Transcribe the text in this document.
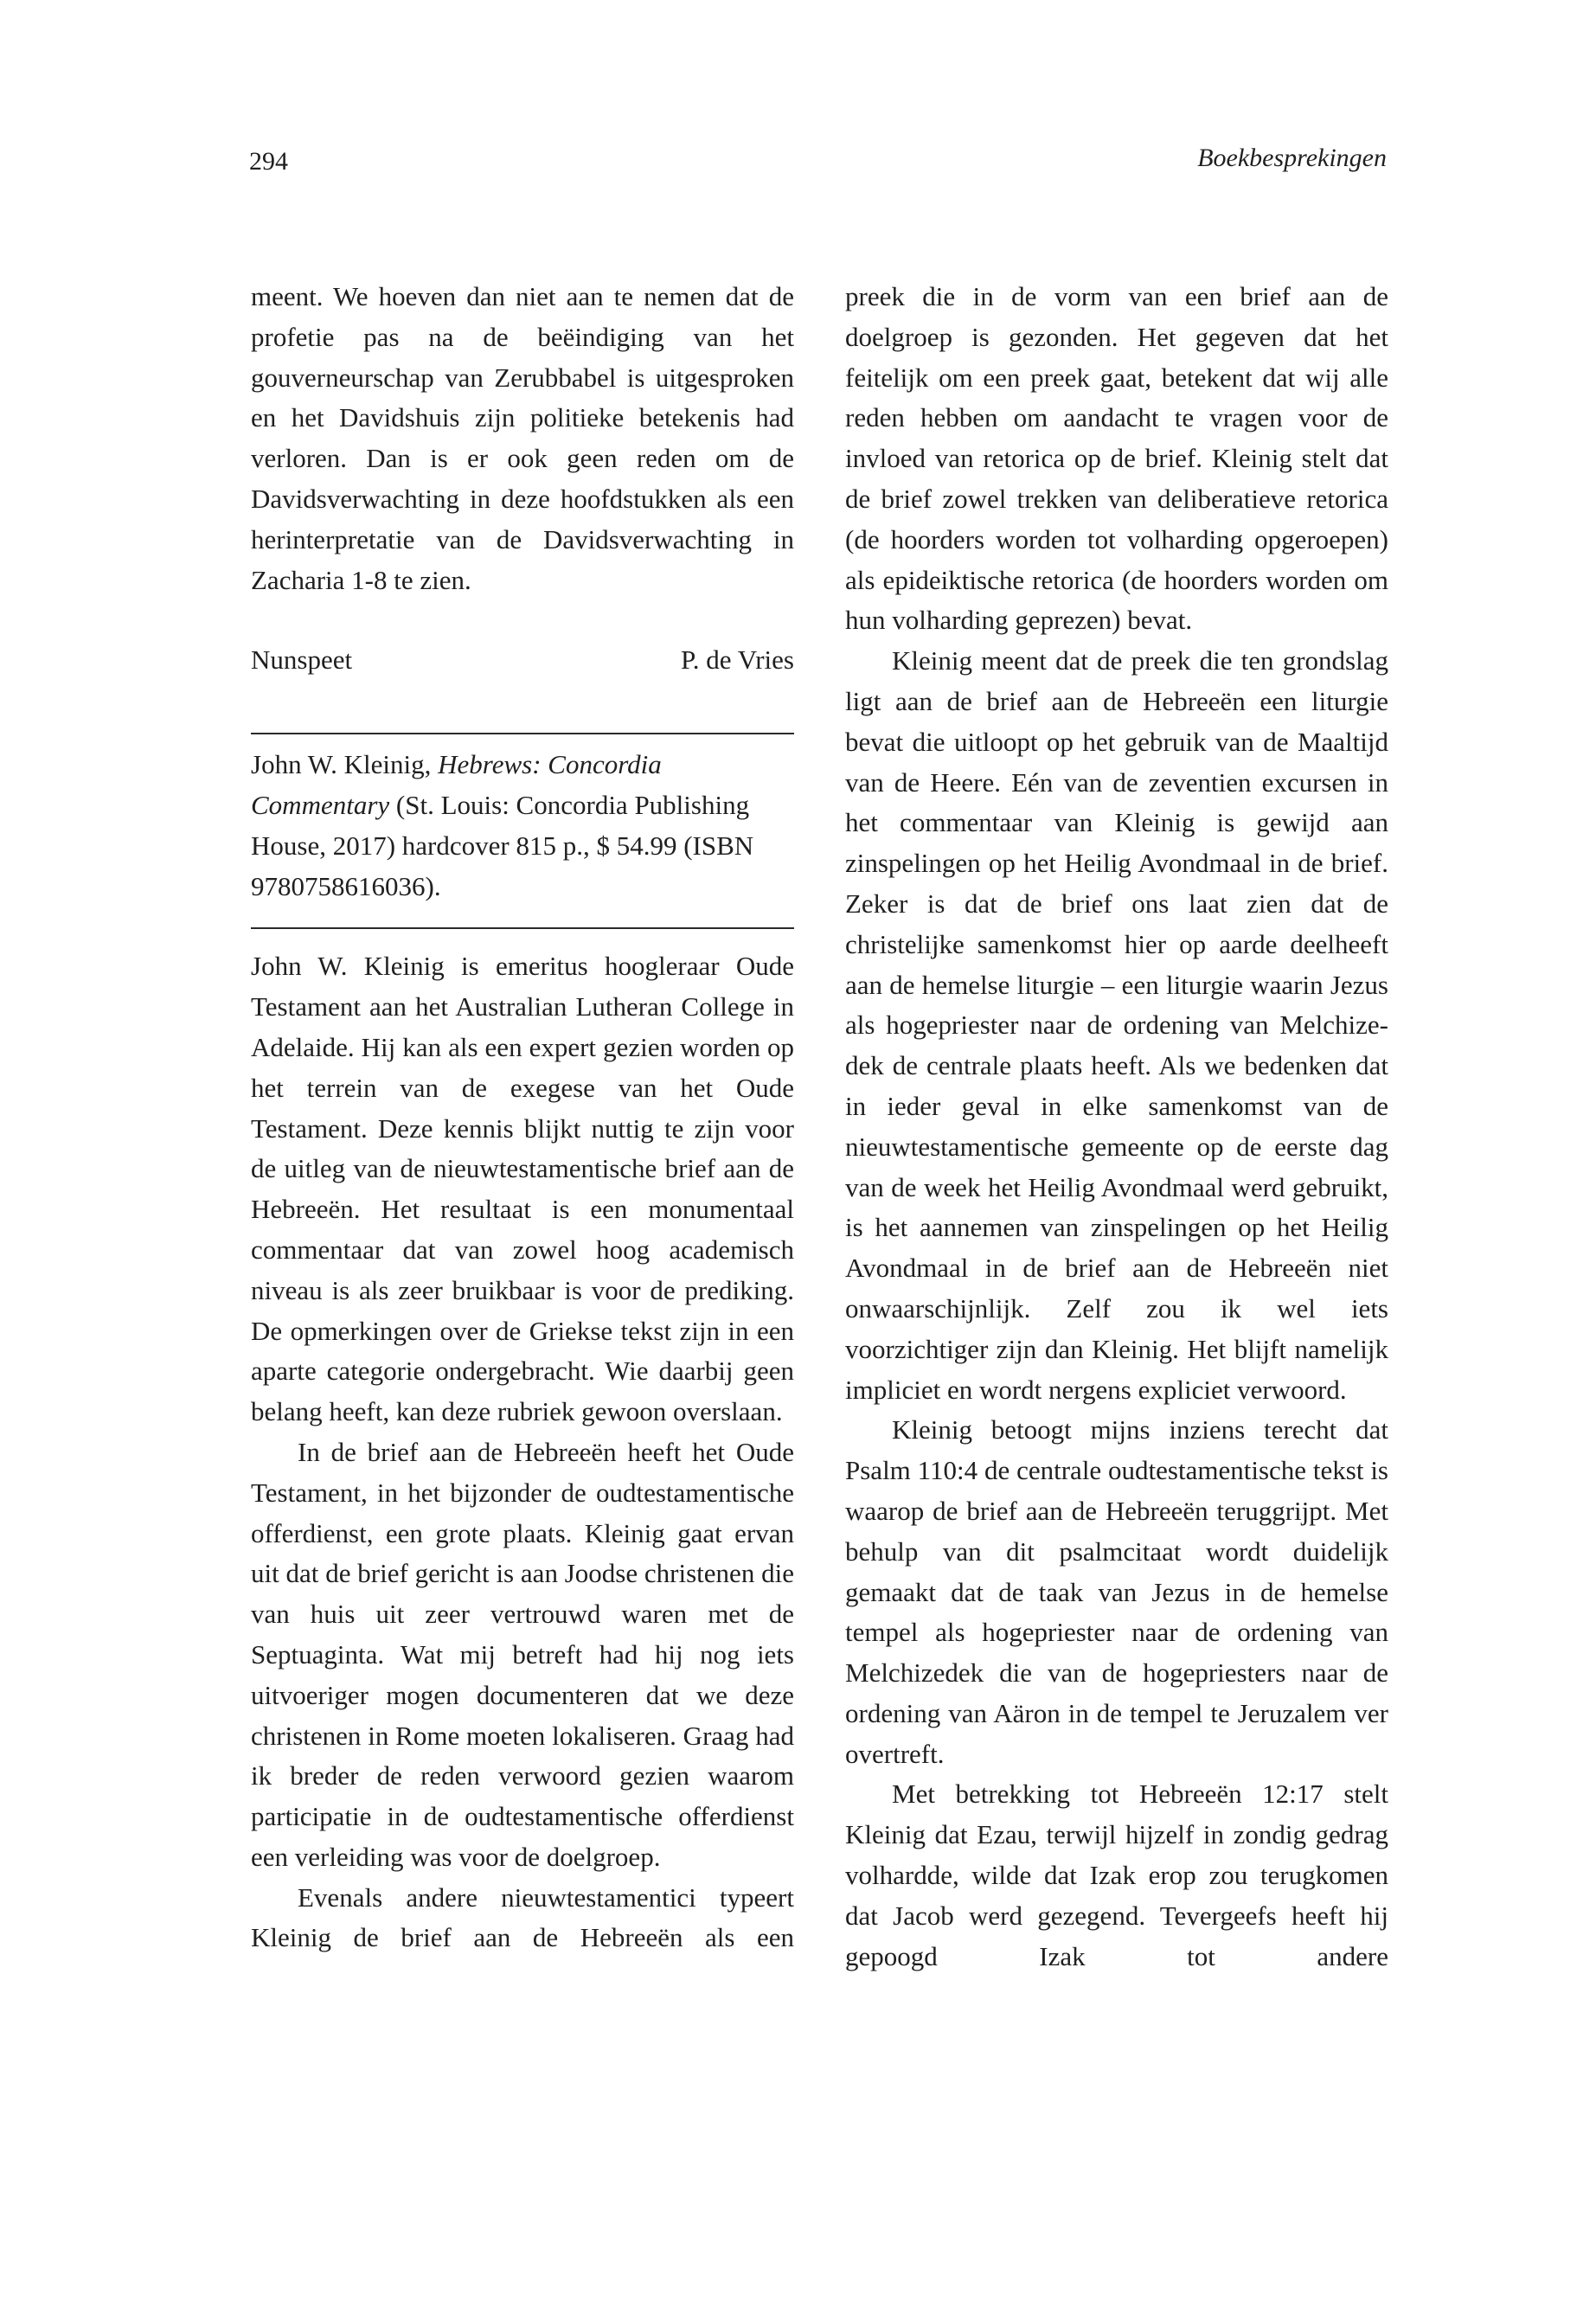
294	Boekbesprekingen

meent. We hoeven dan niet aan te nemen dat de profetie pas na de beëindiging van het gouverneurschap van Zerubbabel is uitgesproken en het Davidshuis zijn politieke betekenis had verloren. Dan is er ook geen reden om de Davidsverwachting in deze hoofdstukken als een herinterpretatie van de Davidsverwachting in Zacharia 1-8 te zien.

Nunspeet	P. de Vries
John W. Kleinig, Hebrews: Concordia Commentary (St. Louis: Concordia Publishing House, 2017) hardcover 815 p., $ 54.99 (ISBN 9780758616036).

John W. Kleinig is emeritus hoogleraar Oude Testament aan het Australian Lutheran College in Adelaide. Hij kan als een expert gezien worden op het terrein van de exegese van het Oude Testament. Deze kennis blijkt nuttig te zijn voor de uitleg van de nieuwtestamentische brief aan de Hebreeën. Het resultaat is een monumentaal commentaar dat van zowel hoog academisch niveau is als zeer bruikbaar is voor de prediking. De opmerkingen over de Griekse tekst zijn in een aparte categorie ondergebracht. Wie daarbij geen belang heeft, kan deze rubriek gewoon overslaan.

In de brief aan de Hebreeën heeft het Oude Testament, in het bijzonder de oudtestamentische offerdienst, een grote plaats. Kleinig gaat ervan uit dat de brief gericht is aan Joodse christenen die van huis uit zeer vertrouwd waren met de Septuaginta. Wat mij betreft had hij nog iets uitvoeriger mogen documenteren dat we deze christenen in Rome moeten lokaliseren. Graag had ik breder de reden verwoord gezien waarom participatie in de oudtestamentische offerdienst een verleiding was voor de doelgroep.

Evenals andere nieuwtestamentici typeert Kleinig de brief aan de Hebreeën als een

preek die in de vorm van een brief aan de doelgroep is gezonden. Het gegeven dat het feitelijk om een preek gaat, betekent dat wij alle reden hebben om aandacht te vragen voor de invloed van retorica op de brief. Kleinig stelt dat de brief zowel trekken van deliberatieve retorica (de hoorders worden tot volharding opgeroepen) als epideiktische retorica (de hoorders worden om hun volharding geprezen) bevat.

Kleinig meent dat de preek die ten grondslag ligt aan de brief aan de Hebreeën een liturgie bevat die uitloopt op het gebruik van de Maaltijd van de Heere. Eén van de zeventien excursen in het commentaar van Kleinig is gewijd aan zinspelingen op het Heilig Avondmaal in de brief. Zeker is dat de brief ons laat zien dat de christelijke samenkomst hier op aarde deelheeft aan de hemelse liturgie – een liturgie waarin Jezus als hogepriester naar de ordening van Melchizedek de centrale plaats heeft. Als we bedenken dat in ieder geval in elke samenkomst van de nieuwtestamentische gemeente op de eerste dag van de week het Heilig Avondmaal werd gebruikt, is het aannemen van zinspelingen op het Heilig Avondmaal in de brief aan de Hebreeën niet onwaarschijnlijk. Zelf zou ik wel iets voorzichtiger zijn dan Kleinig. Het blijft namelijk impliciet en wordt nergens expliciet verwoord.

Kleinig betoogt mijns inziens terecht dat Psalm 110:4 de centrale oudtestamentische tekst is waarop de brief aan de Hebreeën teruggrijpt. Met behulp van dit psalmcitaat wordt duidelijk gemaakt dat de taak van Jezus in de hemelse tempel als hogepriester naar de ordening van Melchizedek die van de hogepriesters naar de ordening van Aäron in de tempel te Jeruzalem ver overtreft.

Met betrekking tot Hebreeën 12:17 stelt Kleinig dat Ezau, terwijl hijzelf in zondig gedrag volhardde, wilde dat Izak erop zou terugkomen dat Jacob werd gezegend. Tevergeefs heeft hij gepoogd Izak tot andere
